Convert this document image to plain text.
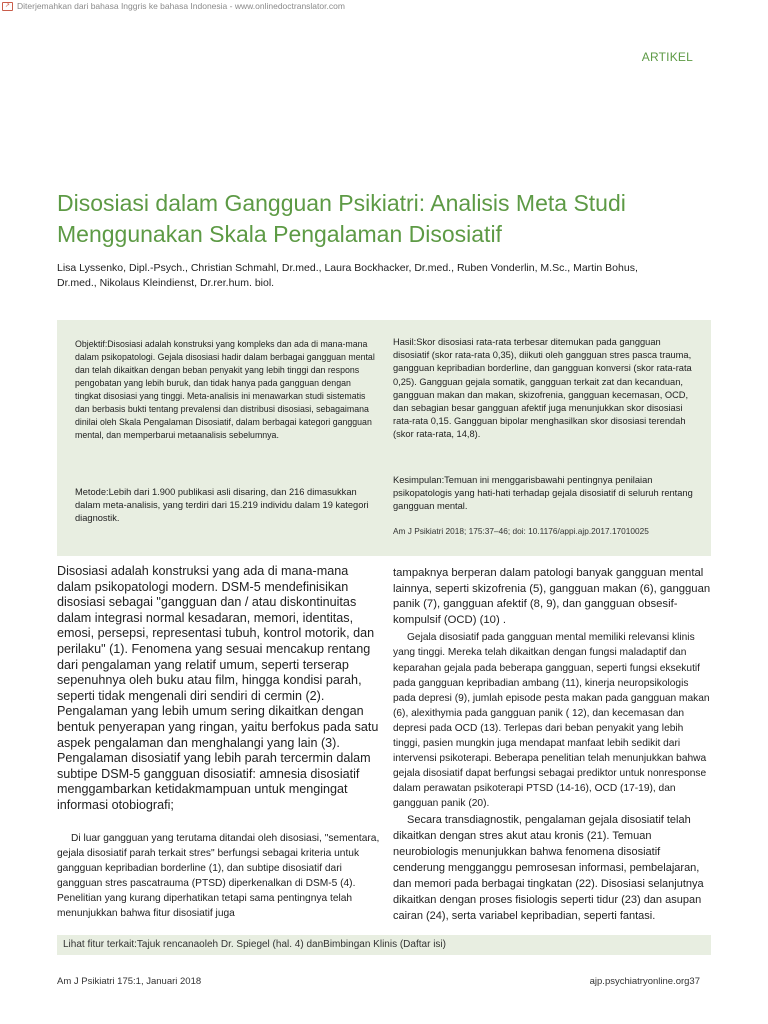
↗ Diterjemahkan dari bahasa Inggris ke bahasa Indonesia - www.onlinedoctranslator.com
ARTIKEL
Disosiasi dalam Gangguan Psikiatri: Analisis Meta Studi Menggunakan Skala Pengalaman Disosiatif

Lisa Lyssenko, Dipl.-Psych., Christian Schmahl, Dr.med., Laura Bockhacker, Dr.med., Ruben Vonderlin, M.Sc., Martin Bohus, Dr.med., Nikolaus Kleindienst, Dr.rer.hum. biol.

Objektif:Disosiasi adalah konstruksi yang kompleks dan ada di mana-mana dalam psikopatologi. Gejala disosiasi hadir dalam berbagai gangguan mental dan telah dikaitkan dengan beban penyakit yang lebih tinggi dan respons pengobatan yang lebih buruk, dan tidak hanya pada gangguan dengan tingkat disosiasi yang tinggi. Meta-analisis ini menawarkan studi sistematis dan berbasis bukti tentang prevalensi dan distribusi disosiasi, sebagaimana dinilai oleh Skala Pengalaman Disosiatif, dalam berbagai kategori gangguan mental, dan memperbarui metaanalisis sebelumnya.

Metode:Lebih dari 1.900 publikasi asli disaring, dan 216 dimasukkan dalam meta-analisis, yang terdiri dari 15.219 individu dalam 19 kategori diagnostik.

Hasil:Skor disosiasi rata-rata terbesar ditemukan pada gangguan disosiatif (skor rata-rata 0,35), diikuti oleh gangguan stres pasca trauma, gangguan kepribadian borderline, dan gangguan konversi (skor rata-rata 0,25). Gangguan gejala somatik, gangguan terkait zat dan kecanduan, gangguan makan dan makan, skizofrenia, gangguan kecemasan, OCD, dan sebagian besar gangguan afektif juga menunjukkan skor disosiasi rata-rata 0,15. Gangguan bipolar menghasilkan skor disosiasi terendah (skor rata-rata, 14,8).

Kesimpulan:Temuan ini menggarisbawahi pentingnya penilaian psikopatologis yang hati-hati terhadap gejala disosiatif di seluruh rentang gangguan mental.

Am J Psikiatri 2018; 175:37–46; doi: 10.1176/appi.ajp.2017.17010025

Disosiasi adalah konstruksi yang ada di mana-mana dalam psikopatologi modern. DSM-5 mendefinisikan disosiasi sebagai "gangguan dan / atau diskontinuitas dalam integrasi normal kesadaran, memori, identitas, emosi, persepsi, representasi tubuh, kontrol motorik, dan perilaku" (1). Fenomena yang sesuai mencakup rentang dari pengalaman yang relatif umum, seperti terserap sepenuhnya oleh buku atau film, hingga kondisi parah, seperti tidak mengenali diri sendiri di cermin (2). Pengalaman yang lebih umum sering dikaitkan dengan bentuk penyerapan yang ringan, yaitu berfokus pada satu aspek pengalaman dan menghalangi yang lain (3). Pengalaman disosiatif yang lebih parah tercermin dalam subtipe DSM-5 gangguan disosiatif: amnesia disosiatif menggambarkan ketidakmampuan untuk mengingat informasi otobiografi;

Di luar gangguan yang terutama ditandai oleh disosiasi, "sementara, gejala disosiatif parah terkait stres" berfungsi sebagai kriteria untuk gangguan kepribadian borderline (1), dan subtipe disosiatif dari gangguan stres pascatrauma (PTSD) diperkenalkan di DSM-5 (4). Penelitian yang kurang diperhatikan tetapi sama pentingnya telah menunjukkan bahwa fitur disosiatif juga

tampaknya berperan dalam patologi banyak gangguan mental lainnya, seperti skizofrenia (5), gangguan makan (6), gangguan panik (7), gangguan afektif (8, 9), dan gangguan obsesif-kompulsif (OCD) (10) .

Gejala disosiatif pada gangguan mental memiliki relevansi klinis yang tinggi. Mereka telah dikaitkan dengan fungsi maladaptif dan keparahan gejala pada beberapa gangguan, seperti fungsi eksekutif pada gangguan kepribadian ambang (11), kinerja neuropsikologis pada depresi (9), jumlah episode pesta makan pada gangguan makan (6), alexithymia pada gangguan panik ( 12), dan kecemasan dan depresi pada OCD (13). Terlepas dari beban penyakit yang lebih tinggi, pasien mungkin juga mendapat manfaat lebih sedikit dari intervensi psikoterapi. Beberapa penelitian telah menunjukkan bahwa gejala disosiatif dapat berfungsi sebagai prediktor untuk nonresponse dalam perawatan psikoterapi PTSD (14-16), OCD (17-19), dan gangguan panik (20).

Secara transdiagnostik, pengalaman gejala disosiatif telah dikaitkan dengan stres akut atau kronis (21). Temuan neurobiologis menunjukkan bahwa fenomena disosiatif cenderung mengganggu pemrosesan informasi, pembelajaran, dan memori pada berbagai tingkatan (22). Disosiasi selanjutnya dikaitkan dengan proses fisiologis seperti tidur (23) dan asupan cairan (24), serta variabel kepribadian, seperti fantasi.

Lihat fitur terkait:Tajuk rencanaoleh Dr. Spiegel (hal. 4) danBimbingan Klinis (Daftar isi)
Am J Psikiatri 175:1, Januari 2018	ajp.psychiatryonline.org37
